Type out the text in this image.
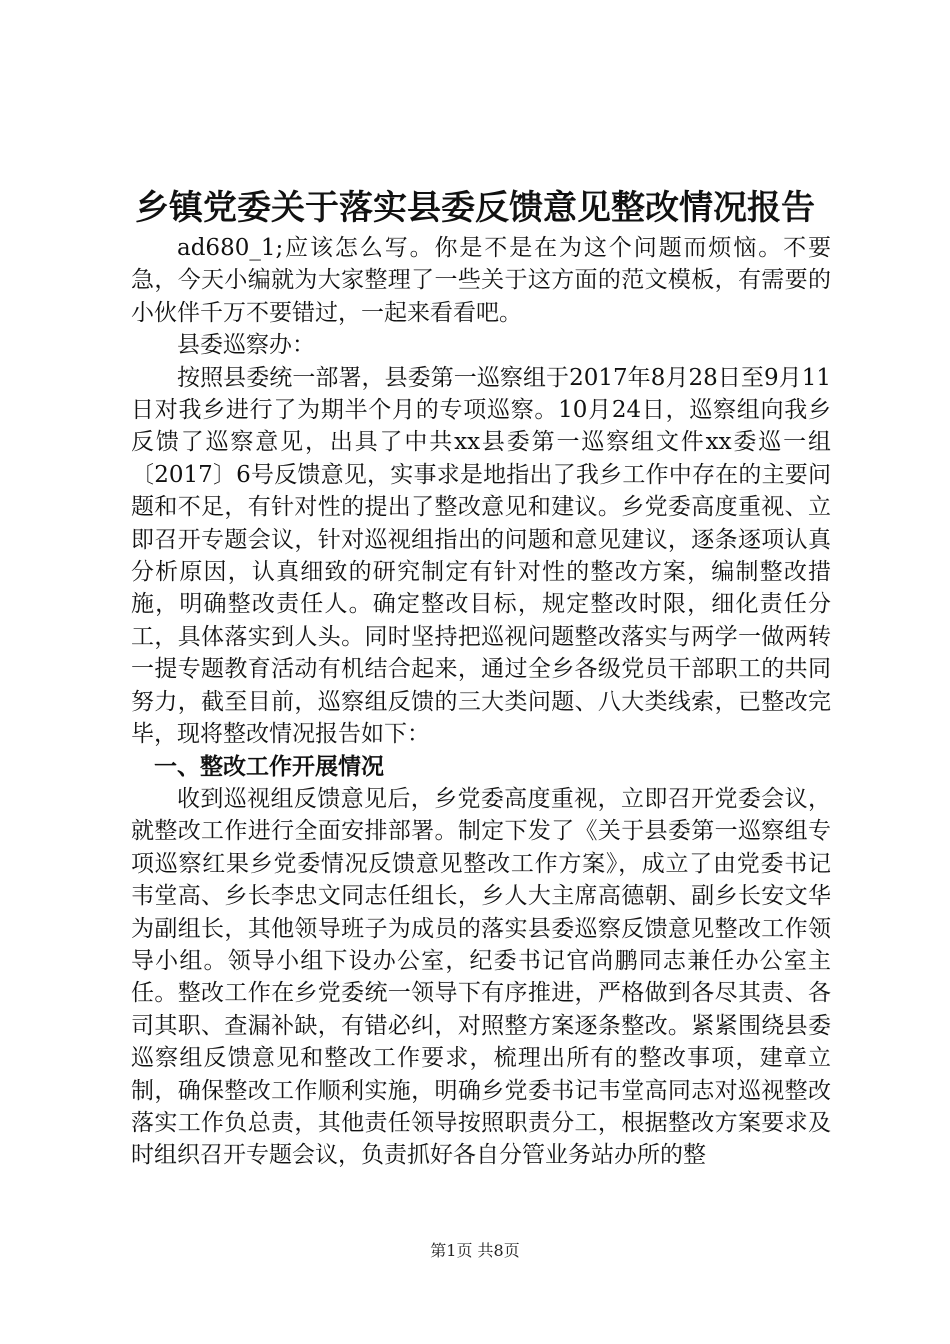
乡镇党委关于落实县委反馈意见整改情况报告

ad680_1;应该怎么写。你是不是在为这个问题而烦恼。不要急，今天小编就为大家整理了一些关于这方面的范文模板，有需要的小伙伴千万不要错过，一起来看看吧。

县委巡察办：

按照县委统一部署，县委第一巡察组于2017年8月28日至9月11日对我乡进行了为期半个月的专项巡察。10月24日，巡察组向我乡反馈了巡察意见，出具了中共xx县委第一巡察组文件xx委巡一组〔2017〕6号反馈意见，实事求是地指出了我乡工作中存在的主要问题和不足，有针对性的提出了整改意见和建议。乡党委高度重视、立即召开专题会议，针对巡视组指出的问题和意见建议，逐条逐项认真分析原因，认真细致的研究制定有针对性的整改方案，编制整改措施，明确整改责任人。确定整改目标，规定整改时限，细化责任分工，具体落实到人头。同时坚持把巡视问题整改落实与两学一做两转一提专题教育活动有机结合起来，通过全乡各级党员干部职工的共同努力，截至目前，巡察组反馈的三大类问题、八大类线索，已整改完毕，现将整改情况报告如下：

一、整改工作开展情况

收到巡视组反馈意见后，乡党委高度重视，立即召开党委会议，就整改工作进行全面安排部署。制定下发了《关于县委第一巡察组专项巡察红果乡党委情况反馈意见整改工作方案》，成立了由党委书记韦堂高、乡长李忠文同志任组长，乡人大主席高德朝、副乡长安文华为副组长，其他领导班子为成员的落实县委巡察反馈意见整改工作领导小组。领导小组下设办公室，纪委书记官尚鹏同志兼任办公室主任。整改工作在乡党委统一领导下有序推进，严格做到各尽其责、各司其职、查漏补缺，有错必纠，对照整方案逐条整改。紧紧围绕县委巡察组反馈意见和整改工作要求，梳理出所有的整改事项，建章立制，确保整改工作顺利实施，明确乡党委书记韦堂高同志对巡视整改落实工作负总责，其他责任领导按照职责分工，根据整改方案要求及时组织召开专题会议，负责抓好各自分管业务站办所的整

第1页 共8页
